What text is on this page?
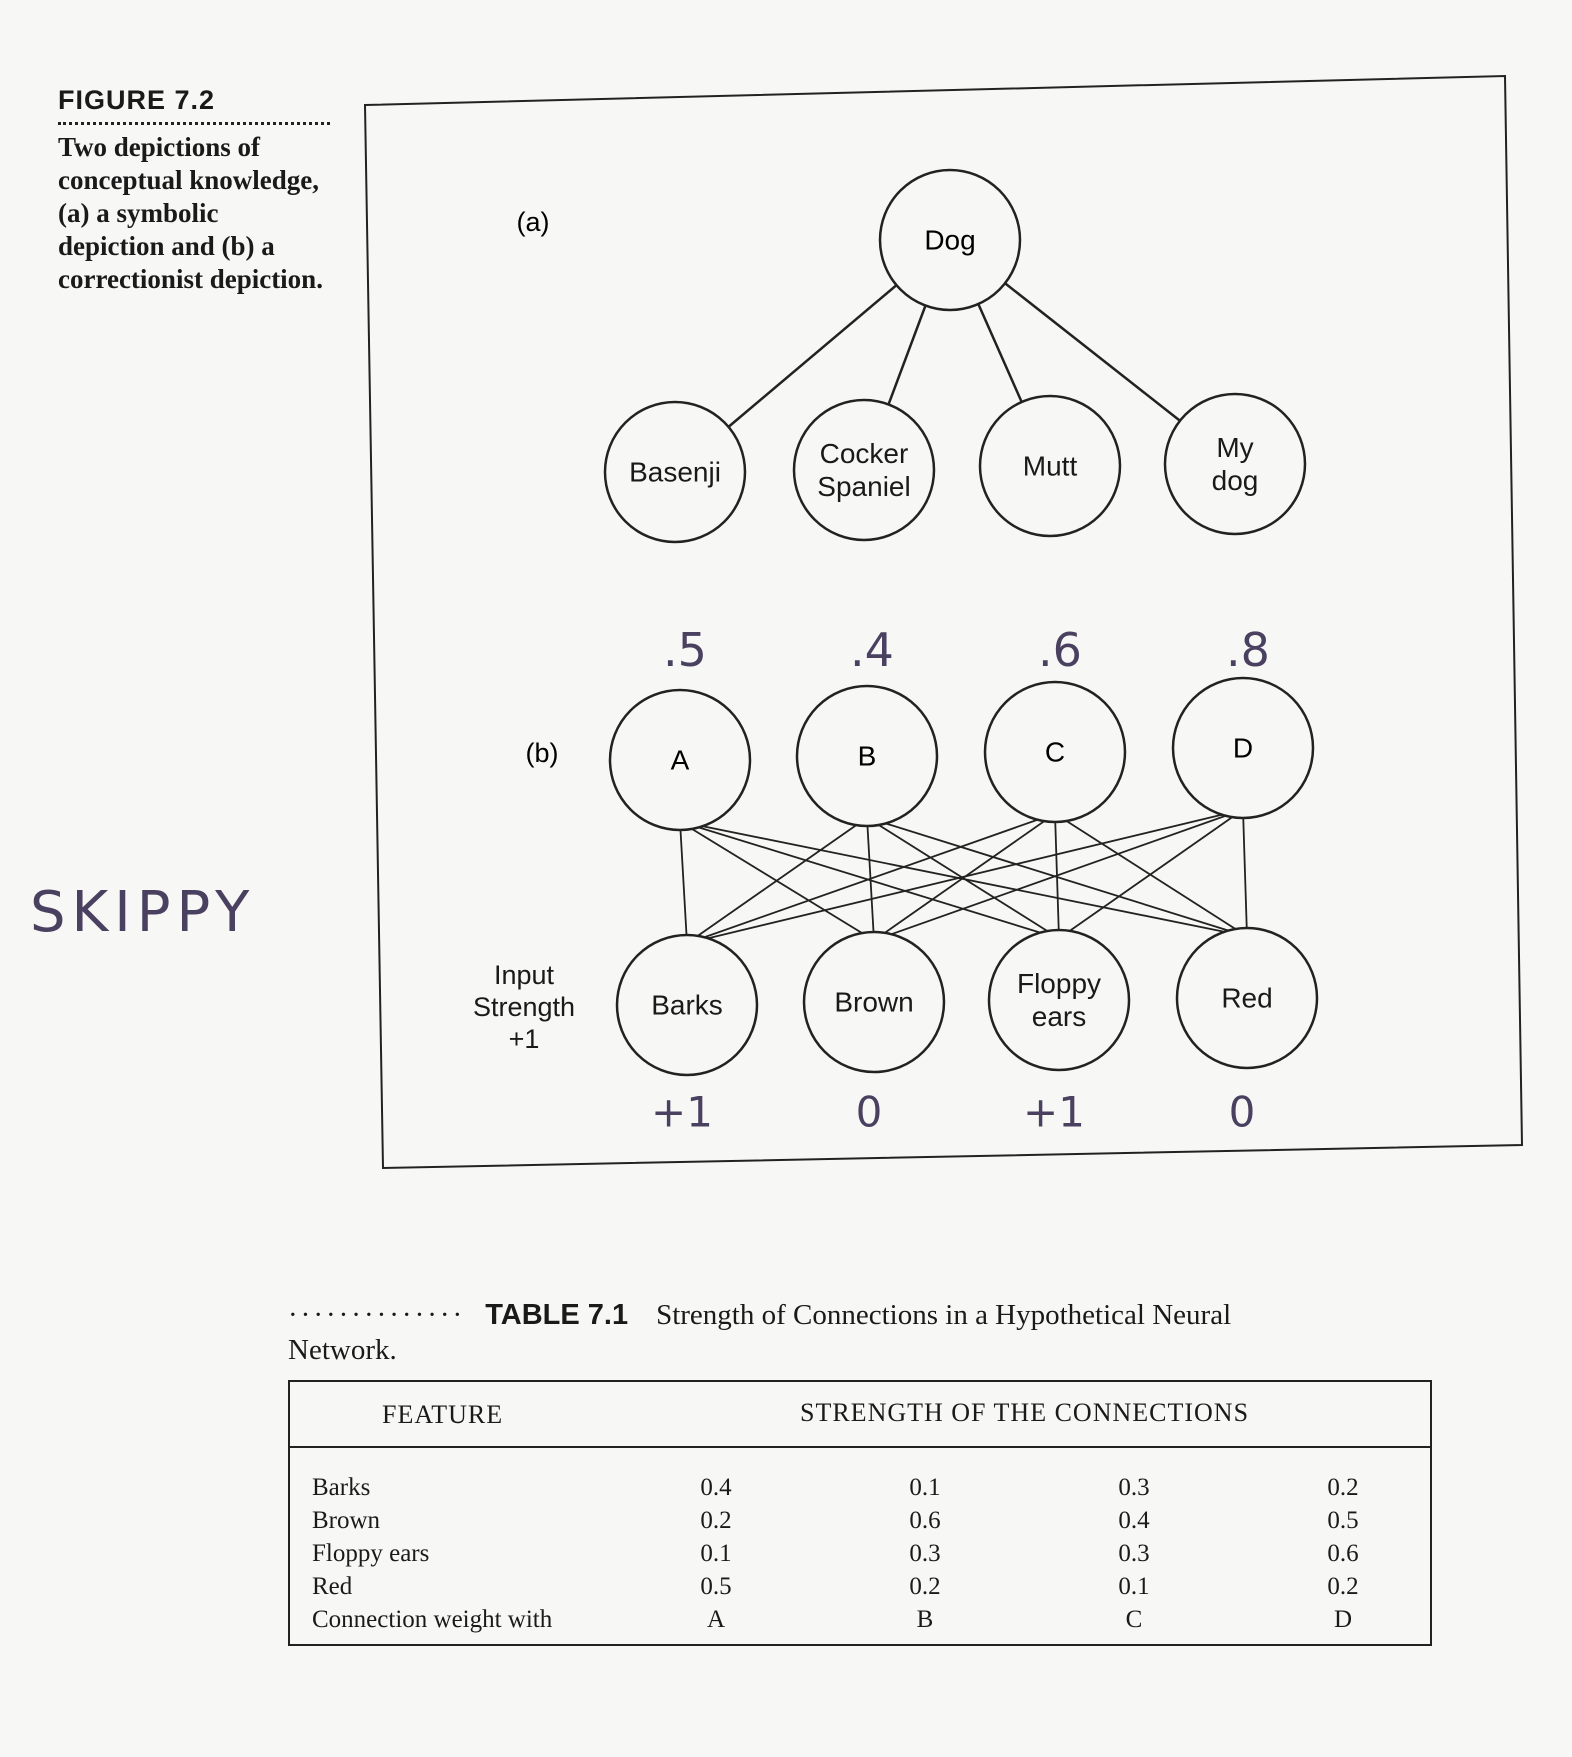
FIGURE 7.2

Two depictions of conceptual knowledge, (a) a symbolic depiction and (b) a correctionist depiction.

SKIPPY
(a)
(b)
Dog
Basenji
Cocker
Spaniel
Mutt
My
dog
A
.5
B
.4
C
.6
D
.8
Barks
+1
Brown
0
Floppy
ears
+1
Red
0
Input
Strength
+1
·············· TABLE 7.1 Strength of Connections in a Hypothetical Neural Network.
FEATURE	STRENGTH OF THE CONNECTIONS
Barks	0.4	0.1	0.3	0.2
Brown	0.2	0.6	0.4	0.5
Floppy ears	0.1	0.3	0.3	0.6
Red	0.5	0.2	0.1	0.2
Connection weight with	A	B	C	D
